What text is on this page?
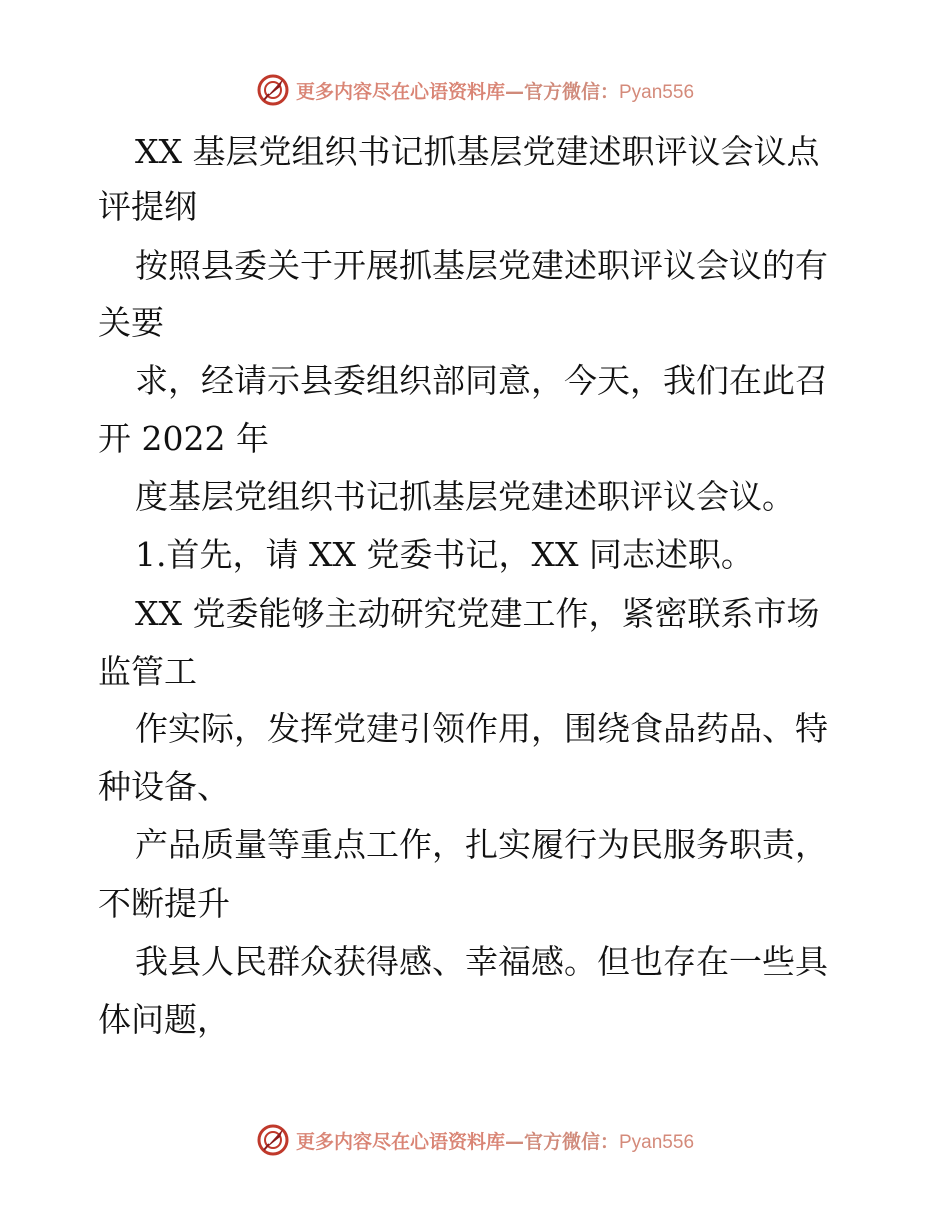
更多内容尽在心语资料库—官方微信：Pyan556
XX 基层党组织书记抓基层党建述职评议会议点
评提纲
按照县委关于开展抓基层党建述职评议会议的有
关要
求，经请示县委组织部同意，今天，我们在此召
开 2022 年
度基层党组织书记抓基层党建述职评议会议。
1.首先，请 XX 党委书记，XX 同志述职。
XX 党委能够主动研究党建工作，紧密联系市场
监管工
作实际，发挥党建引领作用，围绕食品药品、特
种设备、
产品质量等重点工作，扎实履行为民服务职责，
不断提升
我县人民群众获得感、幸福感。但也存在一些具
体问题，
更多内容尽在心语资料库—官方微信：Pyan556
